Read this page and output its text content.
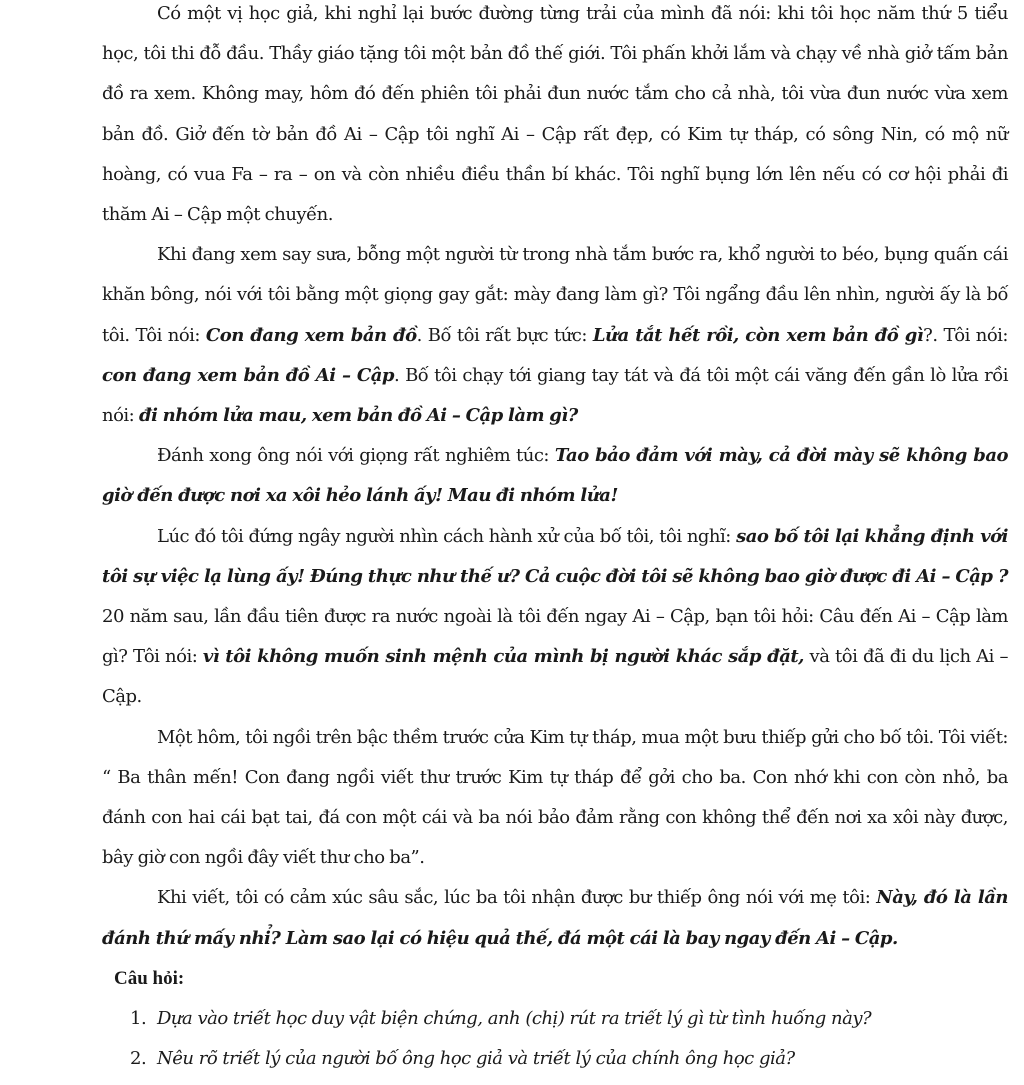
Có một vị học giả, khi nghỉ lại bước đường từng trải của mình đã nói: khi tôi học năm thứ 5 tiểu học, tôi thi đỗ đầu. Thầy giáo tặng tôi một bản đồ thế giới. Tôi phấn khởi lắm và chạy về nhà giở tấm bản đồ ra xem. Không may, hôm đó đến phiên tôi phải đun nước tắm cho cả nhà, tôi vừa đun nước vừa xem bản đồ. Giở đến tờ bản đồ Ai – Cập tôi nghĩ Ai – Cập rất đẹp, có Kim tự tháp, có sông Nin, có mộ nữ hoàng, có vua Fa – ra – on và còn nhiều điều thần bí khác. Tôi nghĩ bụng lớn lên nếu có cơ hội phải đi thăm Ai – Cập một chuyến.

Khi đang xem say sưa, bỗng một người từ trong nhà tắm bước ra, khổ người to béo, bụng quấn cái khăn bông, nói với tôi bằng một giọng gay gắt: mày đang làm gì? Tôi ngẩng đầu lên nhìn, người ấy là bố tôi. Tôi nói: Con đang xem bản đồ. Bố tôi rất bực tức: Lửa tắt hết rồi, còn xem bản đồ gì?. Tôi nói: con đang xem bản đồ Ai – Cập. Bố tôi chạy tới giang tay tát và đá tôi một cái văng đến gần lò lửa rồi nói: đi nhóm lửa mau, xem bản đồ Ai – Cập làm gì?

Đánh xong ông nói với giọng rất nghiêm túc: Tao bảo đảm với mày, cả đời mày sẽ không bao giờ đến được nơi xa xôi hẻo lánh ấy! Mau đi nhóm lửa!

Lúc đó tôi đứng ngây người nhìn cách hành xử của bố tôi, tôi nghĩ: sao bố tôi lại khẳng định với tôi sự việc lạ lùng ấy! Đúng thực như thế ư? Cả cuộc đời tôi sẽ không bao giờ được đi Ai – Cập ? 20 năm sau, lần đầu tiên được ra nước ngoài là tôi đến ngay Ai – Cập, bạn tôi hỏi: Câu đến Ai – Cập làm gì? Tôi nói: vì tôi không muốn sinh mệnh của mình bị người khác sắp đặt, và tôi đã đi du lịch Ai – Cập.

Một hôm, tôi ngồi trên bậc thềm trước cửa Kim tự tháp, mua một bưu thiếp gửi cho bố tôi. Tôi viết: “ Ba thân mến! Con đang ngồi viết thư trước Kim tự tháp để gởi cho ba. Con nhớ khi con còn nhỏ, ba đánh con hai cái bạt tai, đá con một cái và ba nói bảo đảm rằng con không thể đến nơi xa xôi này được, bây giờ con ngồi đây viết thư cho ba”.

Khi viết, tôi có cảm xúc sâu sắc, lúc ba tôi nhận được bư thiếp ông nói với mẹ tôi: Này, đó là lần đánh thứ mấy nhỉ? Làm sao lại có hiệu quả thế, đá một cái là bay ngay đến Ai – Cập.

Câu hỏi:

1. Dựa vào triết học duy vật biện chứng, anh (chị) rút ra triết lý gì từ tình huống này?
2. Nêu rõ triết lý của người bố ông học giả và triết lý của chính ông học giả?
